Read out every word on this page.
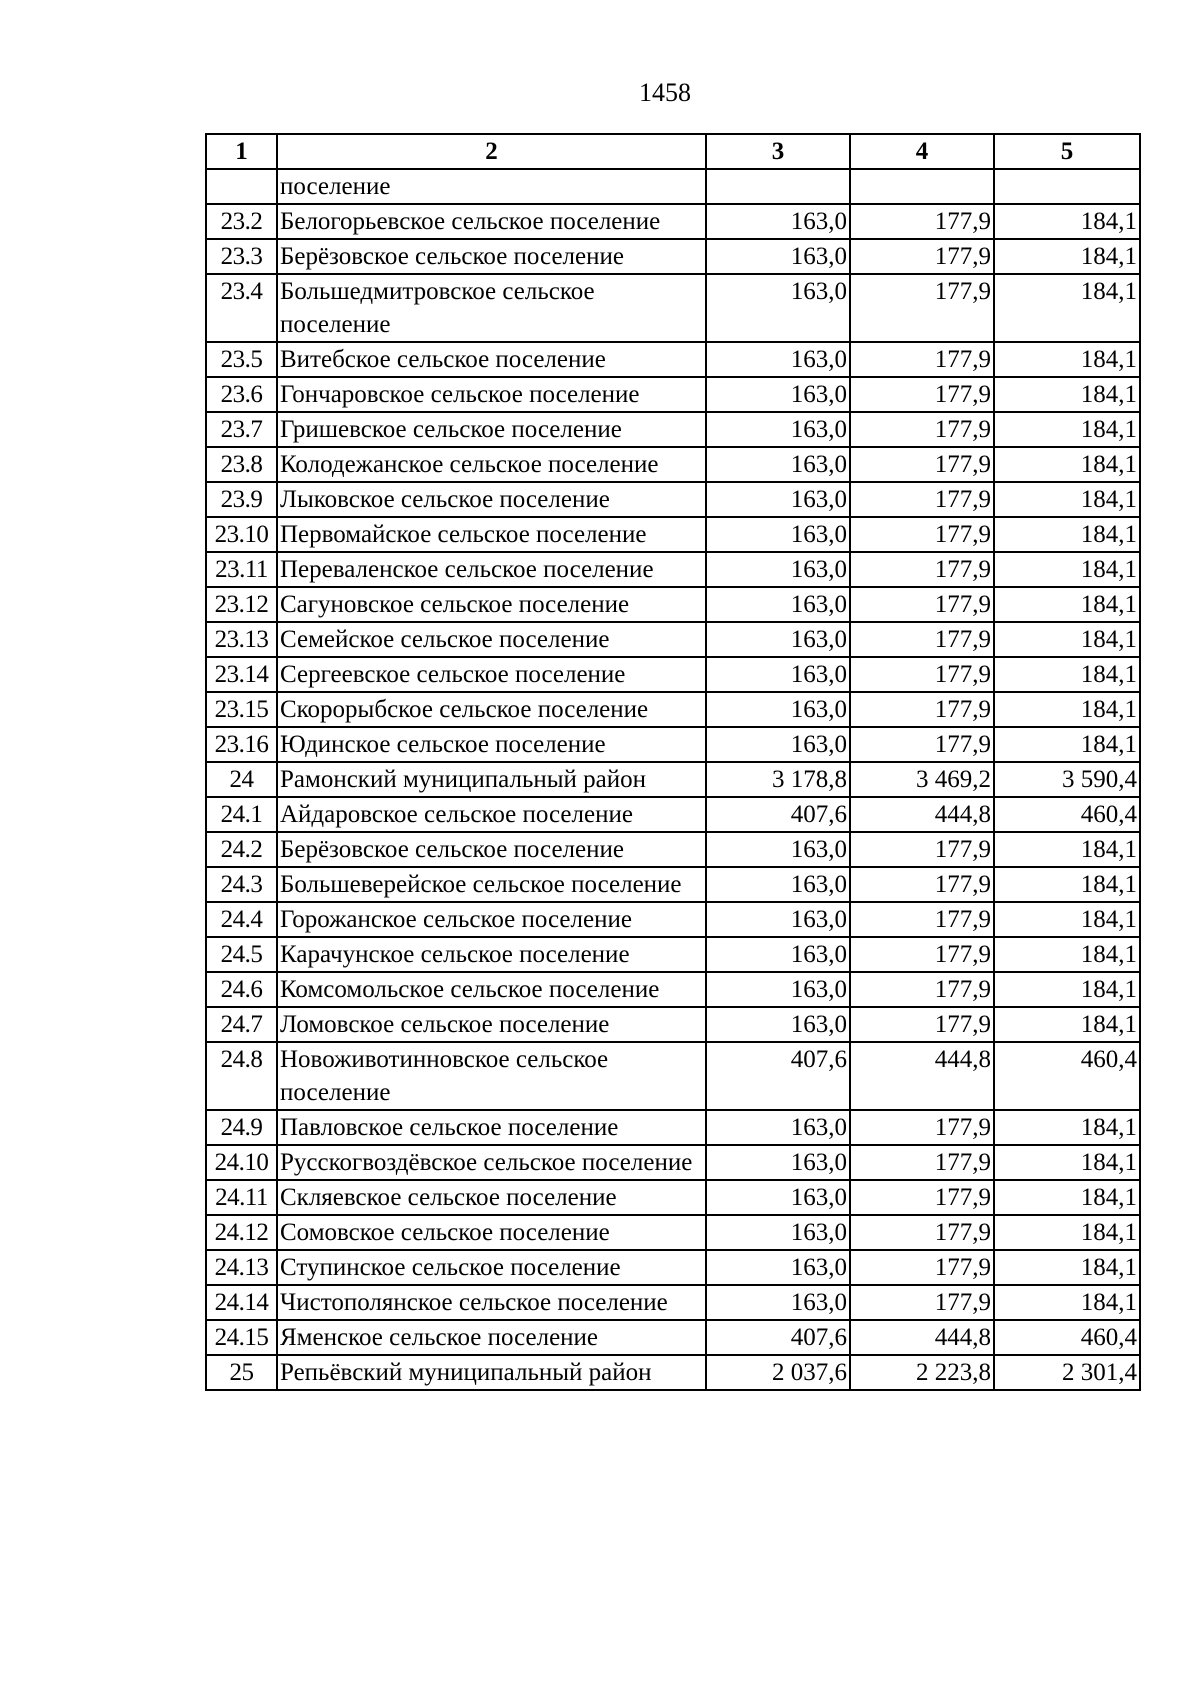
1458
1	2	3	4	5
	поселение			
23.2	Белогорьевское сельское поселение	163,0	177,9	184,1
23.3	Берёзовское сельское поселение	163,0	177,9	184,1
23.4	Большедмитровское сельское поселение	163,0	177,9	184,1
23.5	Витебское сельское поселение	163,0	177,9	184,1
23.6	Гончаровское сельское поселение	163,0	177,9	184,1
23.7	Гришевское сельское поселение	163,0	177,9	184,1
23.8	Колодежанское сельское поселение	163,0	177,9	184,1
23.9	Лыковское сельское поселение	163,0	177,9	184,1
23.10	Первомайское сельское поселение	163,0	177,9	184,1
23.11	Переваленское сельское поселение	163,0	177,9	184,1
23.12	Сагуновское сельское поселение	163,0	177,9	184,1
23.13	Семейское сельское поселение	163,0	177,9	184,1
23.14	Сергеевское сельское поселение	163,0	177,9	184,1
23.15	Скорорыбское сельское поселение	163,0	177,9	184,1
23.16	Юдинское сельское поселение	163,0	177,9	184,1
24	Рамонский муниципальный район	3 178,8	3 469,2	3 590,4
24.1	Айдаровское сельское поселение	407,6	444,8	460,4
24.2	Берёзовское сельское поселение	163,0	177,9	184,1
24.3	Большеверейское сельское поселение	163,0	177,9	184,1
24.4	Горожанское сельское поселение	163,0	177,9	184,1
24.5	Карачунское сельское поселение	163,0	177,9	184,1
24.6	Комсомольское сельское поселение	163,0	177,9	184,1
24.7	Ломовское сельское поселение	163,0	177,9	184,1
24.8	Новоживотинновское сельское поселение	407,6	444,8	460,4
24.9	Павловское сельское поселение	163,0	177,9	184,1
24.10	Русскогвоздёвское сельское поселение	163,0	177,9	184,1
24.11	Скляевское сельское поселение	163,0	177,9	184,1
24.12	Сомовское сельское поселение	163,0	177,9	184,1
24.13	Ступинское сельское поселение	163,0	177,9	184,1
24.14	Чистополянское сельское поселение	163,0	177,9	184,1
24.15	Яменское сельское поселение	407,6	444,8	460,4
25	Репьёвский муниципальный район	2 037,6	2 223,8	2 301,4
